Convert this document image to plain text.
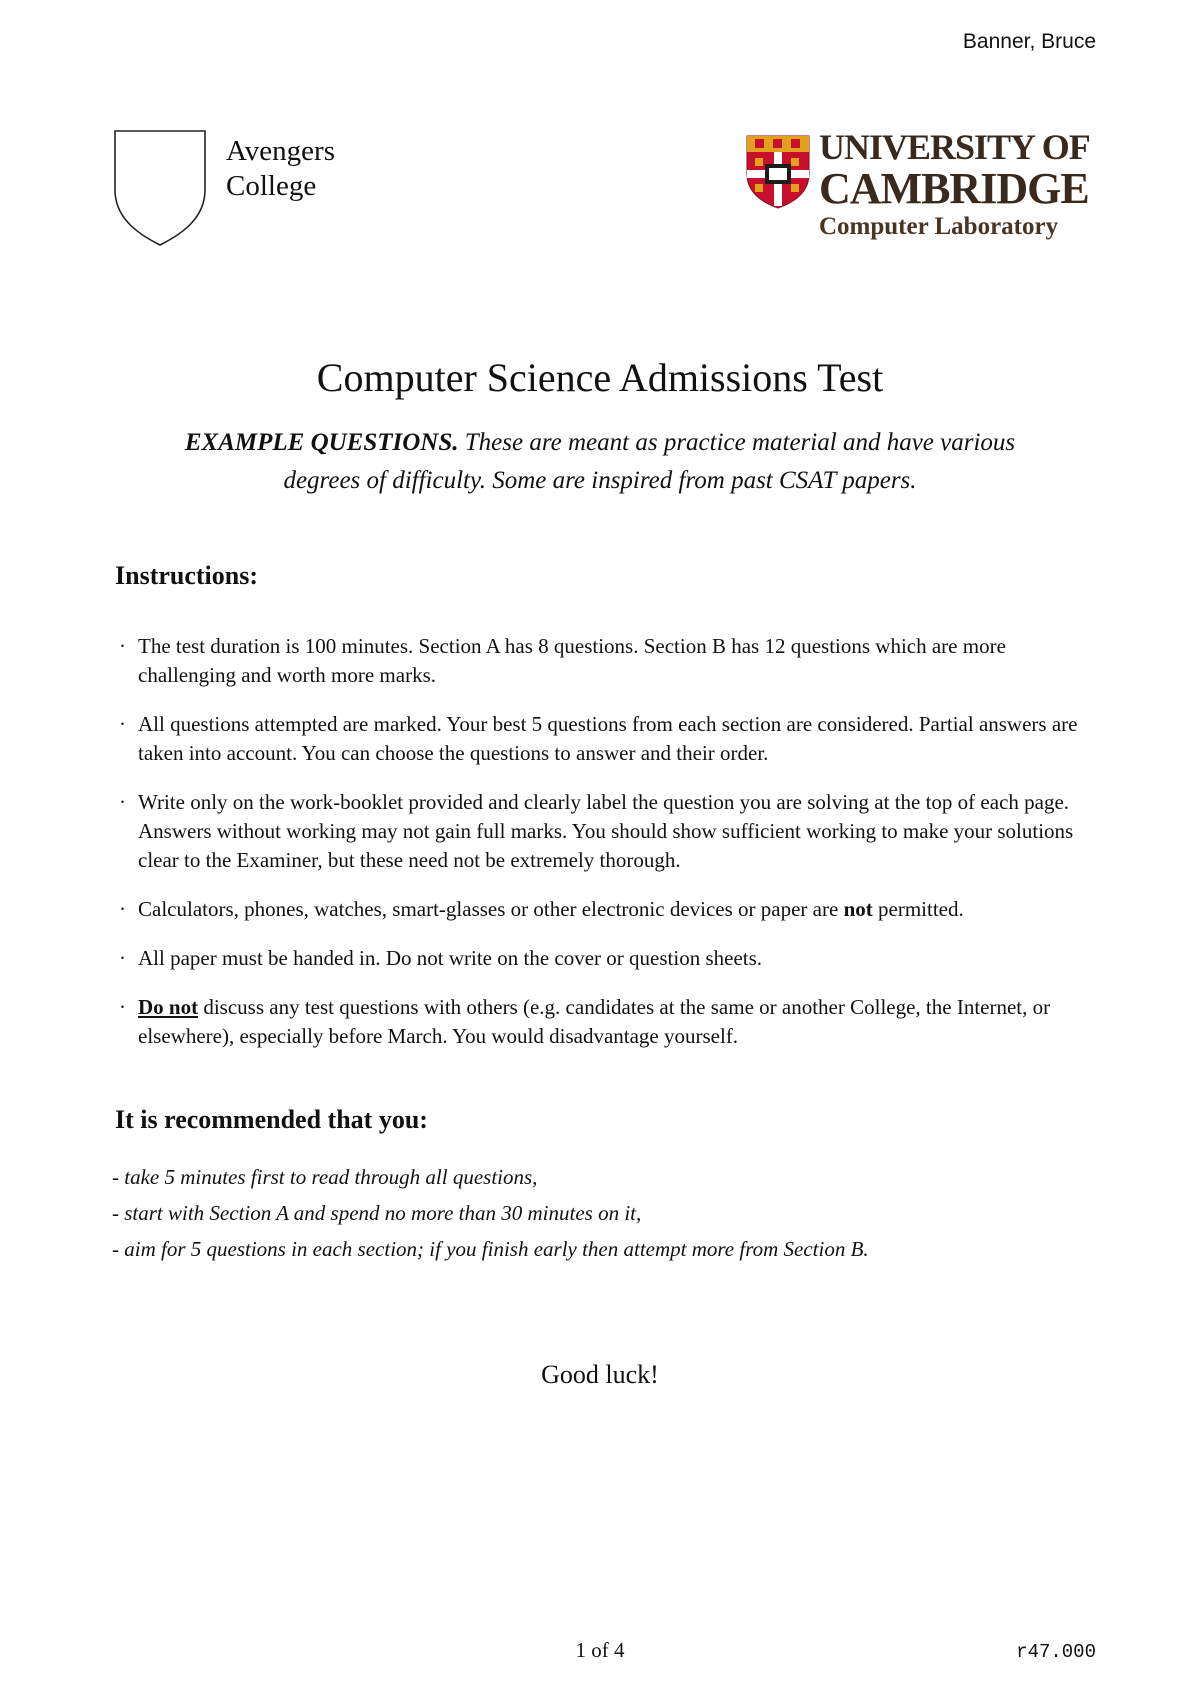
Banner, Bruce
Avengers
College
UNIVERSITY OF
CAMBRIDGE
Computer Laboratory
Computer Science Admissions Test
EXAMPLE QUESTIONS. These are meant as practice material and have various degrees of difficulty. Some are inspired from past CSAT papers.
Instructions:
· The test duration is 100 minutes. Section A has 8 questions. Section B has 12 questions which are more challenging and worth more marks.
· All questions attempted are marked. Your best 5 questions from each section are considered. Partial answers are taken into account. You can choose the questions to answer and their order.
· Write only on the work-booklet provided and clearly label the question you are solving at the top of each page. Answers without working may not gain full marks. You should show sufficient working to make your solutions clear to the Examiner, but these need not be extremely thorough.
· Calculators, phones, watches, smart-glasses or other electronic devices or paper are not permitted.
· All paper must be handed in. Do not write on the cover or question sheets.
· Do not discuss any test questions with others (e.g. candidates at the same or another College, the Internet, or elsewhere), especially before March. You would disadvantage yourself.
It is recommended that you:
- take 5 minutes first to read through all questions,
- start with Section A and spend no more than 30 minutes on it,
- aim for 5 questions in each section; if you finish early then attempt more from Section B.
Good luck!
1 of 4	r47.000
